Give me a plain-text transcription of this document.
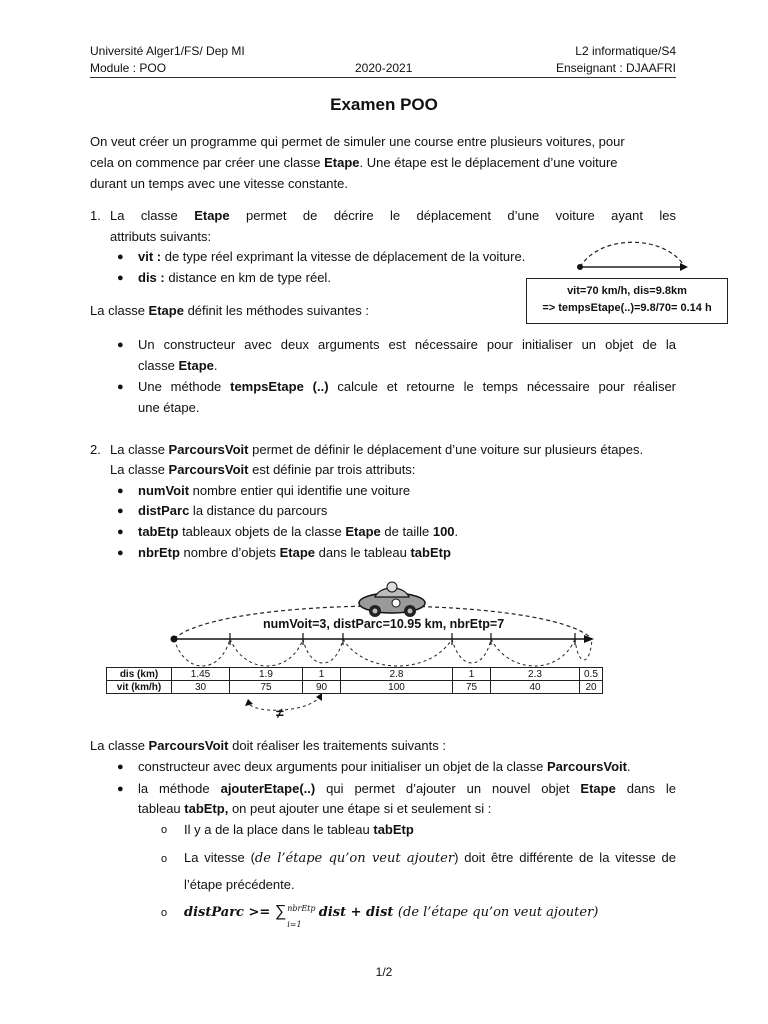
Université Alger1/FS/ Dep MI
Module : POO	2020-2021
L2 informatique/S4
Enseignant : DJAAFRI
Examen POO
On veut créer un programme qui permet de simuler une course entre plusieurs voitures, pour
cela on commence par créer une classe Etape. Une étape est le déplacement d’une voiture
durant un temps avec une vitesse constante.
1. La classe Etape permet de décrire le déplacement d’une voiture ayant les
attributs suivants:
● vit : de type réel exprimant la vitesse de déplacement de la voiture.
● dis : distance en km de type réel.
vit=70 km/h, dis=9.8km
=> tempsEtape(..)=9.8/70= 0.14 h
La classe Etape définit les méthodes suivantes :
● Un constructeur avec deux arguments est nécessaire pour initialiser un objet de la
classe Etape.
● Une méthode tempsEtape (..) calcule et retourne le temps nécessaire pour réaliser
une étape.
2. La classe ParcoursVoit permet de définir le déplacement d’une voiture sur plusieurs étapes.
La classe ParcoursVoit est définie par trois attributs:
● numVoit nombre entier qui identifie une voiture
● distParc la distance du parcours
● tabEtp tableaux objets de la classe Etape de taille 100.
● nbrEtp nombre d’objets Etape dans le tableau tabEtp
numVoit=3, distParc=10.95 km, nbrEtp=7
dis (km)	1.45	1.9	1	2.8	1	2.3	0.5
vit (km/h)	30	75	90	100	75	40	20
≠
La classe ParcoursVoit doit réaliser les traitements suivants :
● constructeur avec deux arguments pour initialiser un objet de la classe ParcoursVoit.
● la méthode ajouterEtape(..) qui permet d’ajouter un nouvel objet Etape dans le
tableau tabEtp, on peut ajouter une étape si et seulement si :
o Il y a de la place dans le tableau tabEtp
o La vitesse (de l’étape qu’on veut ajouter) doit être différente de la vitesse de
l’étape précédente.
o distParc >= ∑ nbrEtp
i=1
dist + dist (de l’étape qu’on veut ajouter)
1/2
